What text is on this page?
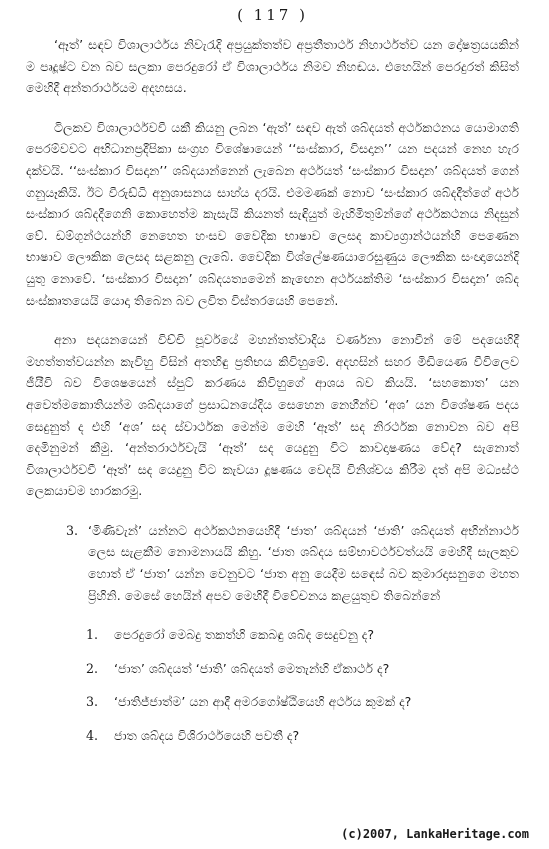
( 117 )

‘ඈත්’ සඳව විශාලාර්ථය නිවැරැදි අප්‍රයුක්තත්ව අප්‍රතීතාර්ථ නිහාර්ථත්ව යන දෝෂත්‍රයයකින් ම පෘදූෂ්ට වන බව සලකා පෙරදුරෝ ඒ විශාලාර්ථය නිමව නිහඬය. එහෙයින් පෙරදුරත් කිසිත් මෙහිදී අන්තරාර්ථයම අදහසය.

ටිලකව විශාලාර්ථවවී යකී කියනු ලබන ‘ඇත්’ සඳව ඇත් ශබ්දයත් අර්ථකථනය යොමාගති පෙරම්වවට අභිධානප්‍රදීපිකා සංග්‍රහ විශේෂායෙන් ‘‘සංස්කාර, විසදාන’’ යන පදයන් නෙහ හැර දක්වයි. ‘‘සංස්කාර විසදාන’’ ශබ්දයාන්නෙන් ලැබෙන අර්ථයත් ‘සංස්කාර විසදාන’ ශබ්දයත් ගෙන් ගනුයෑකියි. ඊට වීරුඩ්ධි අනුශාසනය සාහ්ය දරයි. එමමණක් නොව ‘සංස්කාර ශබ්දදීත්ගේ අර්ථ සංස්කාර ශබ්දදීගෙනි කොහෙත්ම කැසැයි කියනත් සැඳියුත් මැහිමිතුම්න්ගේ අර්ථකථනය නිදසුන් වේ. ඩම්ගුන්ථයන්හි නෙහෙත හංසව වෛදික භාෂාව ලෙසද කාව්‍යග්‍රාන්ථයන්හි පෙණෙන භාෂාව ලෞකික ලෙසද සළකනු ලැබේ. වෛදික විශ්ලේෂණයාරෙසුණුය ලෞකික සංඥායෙන්දි යුතු නොවේ. ‘සංස්කාර විසදාන’ ශබ්දයත්‍යමෙන් කැඟෙන අර්ථයක්තිම ‘සංස්කාර විසදාන’ ශබ්ද සංස්කෘතයෙයි යොදා තිබෙන බව ලවිත විස්තරයෙහි පෙනේ.

අනා පදයනයෙන් විච්චි පූර්වයේ මහන්තත්වාදිය වර්ණනා නොවීන් මේ පදයෙහිදී මහත්තත්වයන්න කැවිහු විසින් අතහිඳු ප්‍රතිභය කිවිහුමේ. අදහසින් සහර මිඩියෙණ වීවිලෙව ජීයීවි බව විශෙෂයෙන් ස්පුට් කරණය කිවිහුගේ ආශය බව කියයි. ‘සහකොත’ යන අවෙත්මකොතියන්ම ශබ්දයාගේ ප්‍රසාධනයේදිය සෙහෙන නෙහීන්ව ‘අශ’ යන විශේෂණ පදය සෙදුනුත් ද එහි ‘අශ’ සද ස්වාර්ථක මෙන්ම මෙහි ‘ඈත්’ සද නිරර්ථක නොවන බව අපි දෙමිනුමන් කීමු. ‘අන්තරාර්ථවැයි ‘ඈත්’ සද යෙදුනු විට කාවදාෂණය වේද? සැනොත් විශාලාර්ථවවී ‘ඈත්’ සද යෙදුනු විට කැවයා දූෂණය වෙදයි විනිශ්චය කිරීම දත් අපි මධ්‍යස්ථ ලෙකයාවම හාරකරමු.

3. ‘මිණිවැන්’ යන්නට අර්ථකථනයෙහිදී ‘ජාත’ ශබ්දයන් ‘ජාති’ ශබ්දයත් අභින්නාර්ථ ලෙස සැළකීම නොමනායයි කිහු. ‘ජාත ශබ්දය සම්භාවර්ථවත්යයි මෙහිදී සැලකුව හොත් ඒ ‘ජාත’ යන්න වෙනුවට ‘ජාත අනු යෙදීම සඳෙස් බව කුමාරදාසනුගෙ මහත ප්‍රිහිනි. මෙසේ හෙයින් අපව මෙහිදී විවේචනය කළයුතුව තිබෙන්නේ
1.	පෙරදුරෝ මෙබදු තකත්හි කෙබඳු ශබ්ද සෙදුවනු ද?
2.	‘ජාත’ ශබ්දයත් ‘ජාති’ ශබ්දයත් මෙතැන්හි ඒකාර්ථ ද?
3.	‘ජාතිජ්ජාත්ම’ යන ආදී අමරගෝෂ්ඨියෙහි අර්ථය කුමක් ද?
4.	ජාත ශබ්දය විශිරාර්ථයෙහි පවතී ද?
(c)2007, LankaHeritage.com
